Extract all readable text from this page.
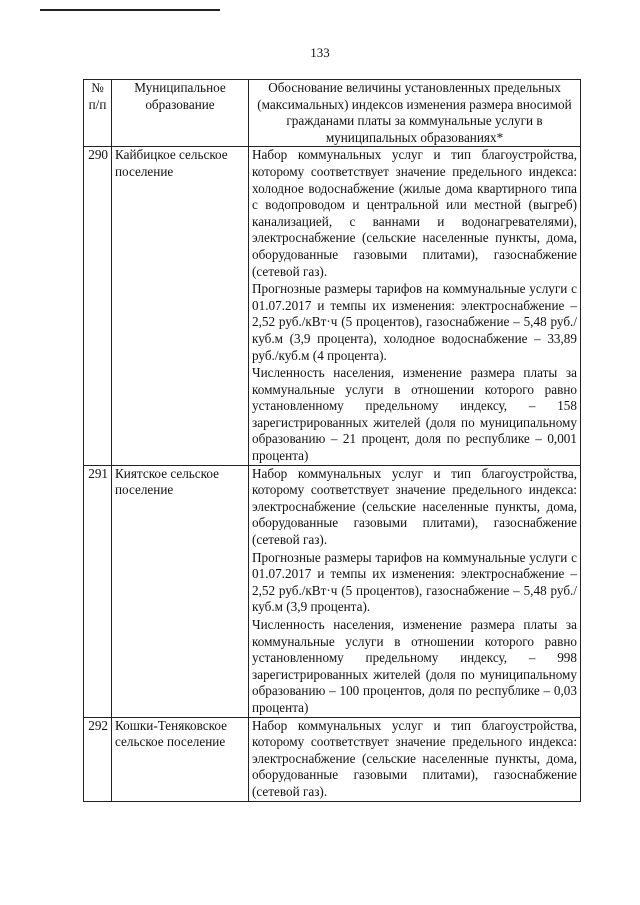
133
№ п/п	Муниципальное образование	Обоснование величины установленных предельных (максимальных) индексов изменения размера вносимой гражданами платы за коммунальные услуги в муниципальных образованиях*
290	Кайбицкое сельское поселение	Набор коммунальных услуг и тип благоустройства, которому соответствует значение предельного индекса: холодное водоснабжение (жилые дома квартирного типа с водопроводом и центральной или местной (выгреб) канализацией, с ваннами и водонагревателями), электроснабжение (сельские населенные пункты, дома, оборудованные газовыми плитами), газоснабжение (сетевой газ).
Прогнозные размеры тарифов на коммунальные услуги с 01.07.2017 и темпы их изменения: электроснабжение – 2,52 руб./кВт·ч (5 процентов), газоснабжение – 5,48 руб./куб.м (3,9 процента), холодное водоснабжение – 33,89 руб./куб.м (4 процента).
Численность населения, изменение размера платы за коммунальные услуги в отношении которого равно установленному предельному индексу, – 158 зарегистрированных жителей (доля по муниципальному образованию – 21 процент, доля по республике – 0,001 процента)

291	Киятское сельское поселение	Набор коммунальных услуг и тип благоустройства, которому соответствует значение предельного индекса: электроснабжение (сельские населенные пункты, дома, оборудованные газовыми плитами), газоснабжение (сетевой газ).
Прогнозные размеры тарифов на коммунальные услуги с 01.07.2017 и темпы их изменения: электроснабжение – 2,52 руб./кВт·ч (5 процентов), газоснабжение – 5,48 руб./куб.м (3,9 процента).
Численность населения, изменение размера платы за коммунальные услуги в отношении которого равно установленному предельному индексу, – 998 зарегистрированных жителей (доля по муниципальному образованию – 100 процентов, доля по республике – 0,03 процента)

292	Кошки-Теняковское сельское поселение	Набор коммунальных услуг и тип благоустройства, которому соответствует значение предельного индекса: электроснабжение (сельские населенные пункты, дома, оборудованные газовыми плитами), газоснабжение (сетевой газ).
